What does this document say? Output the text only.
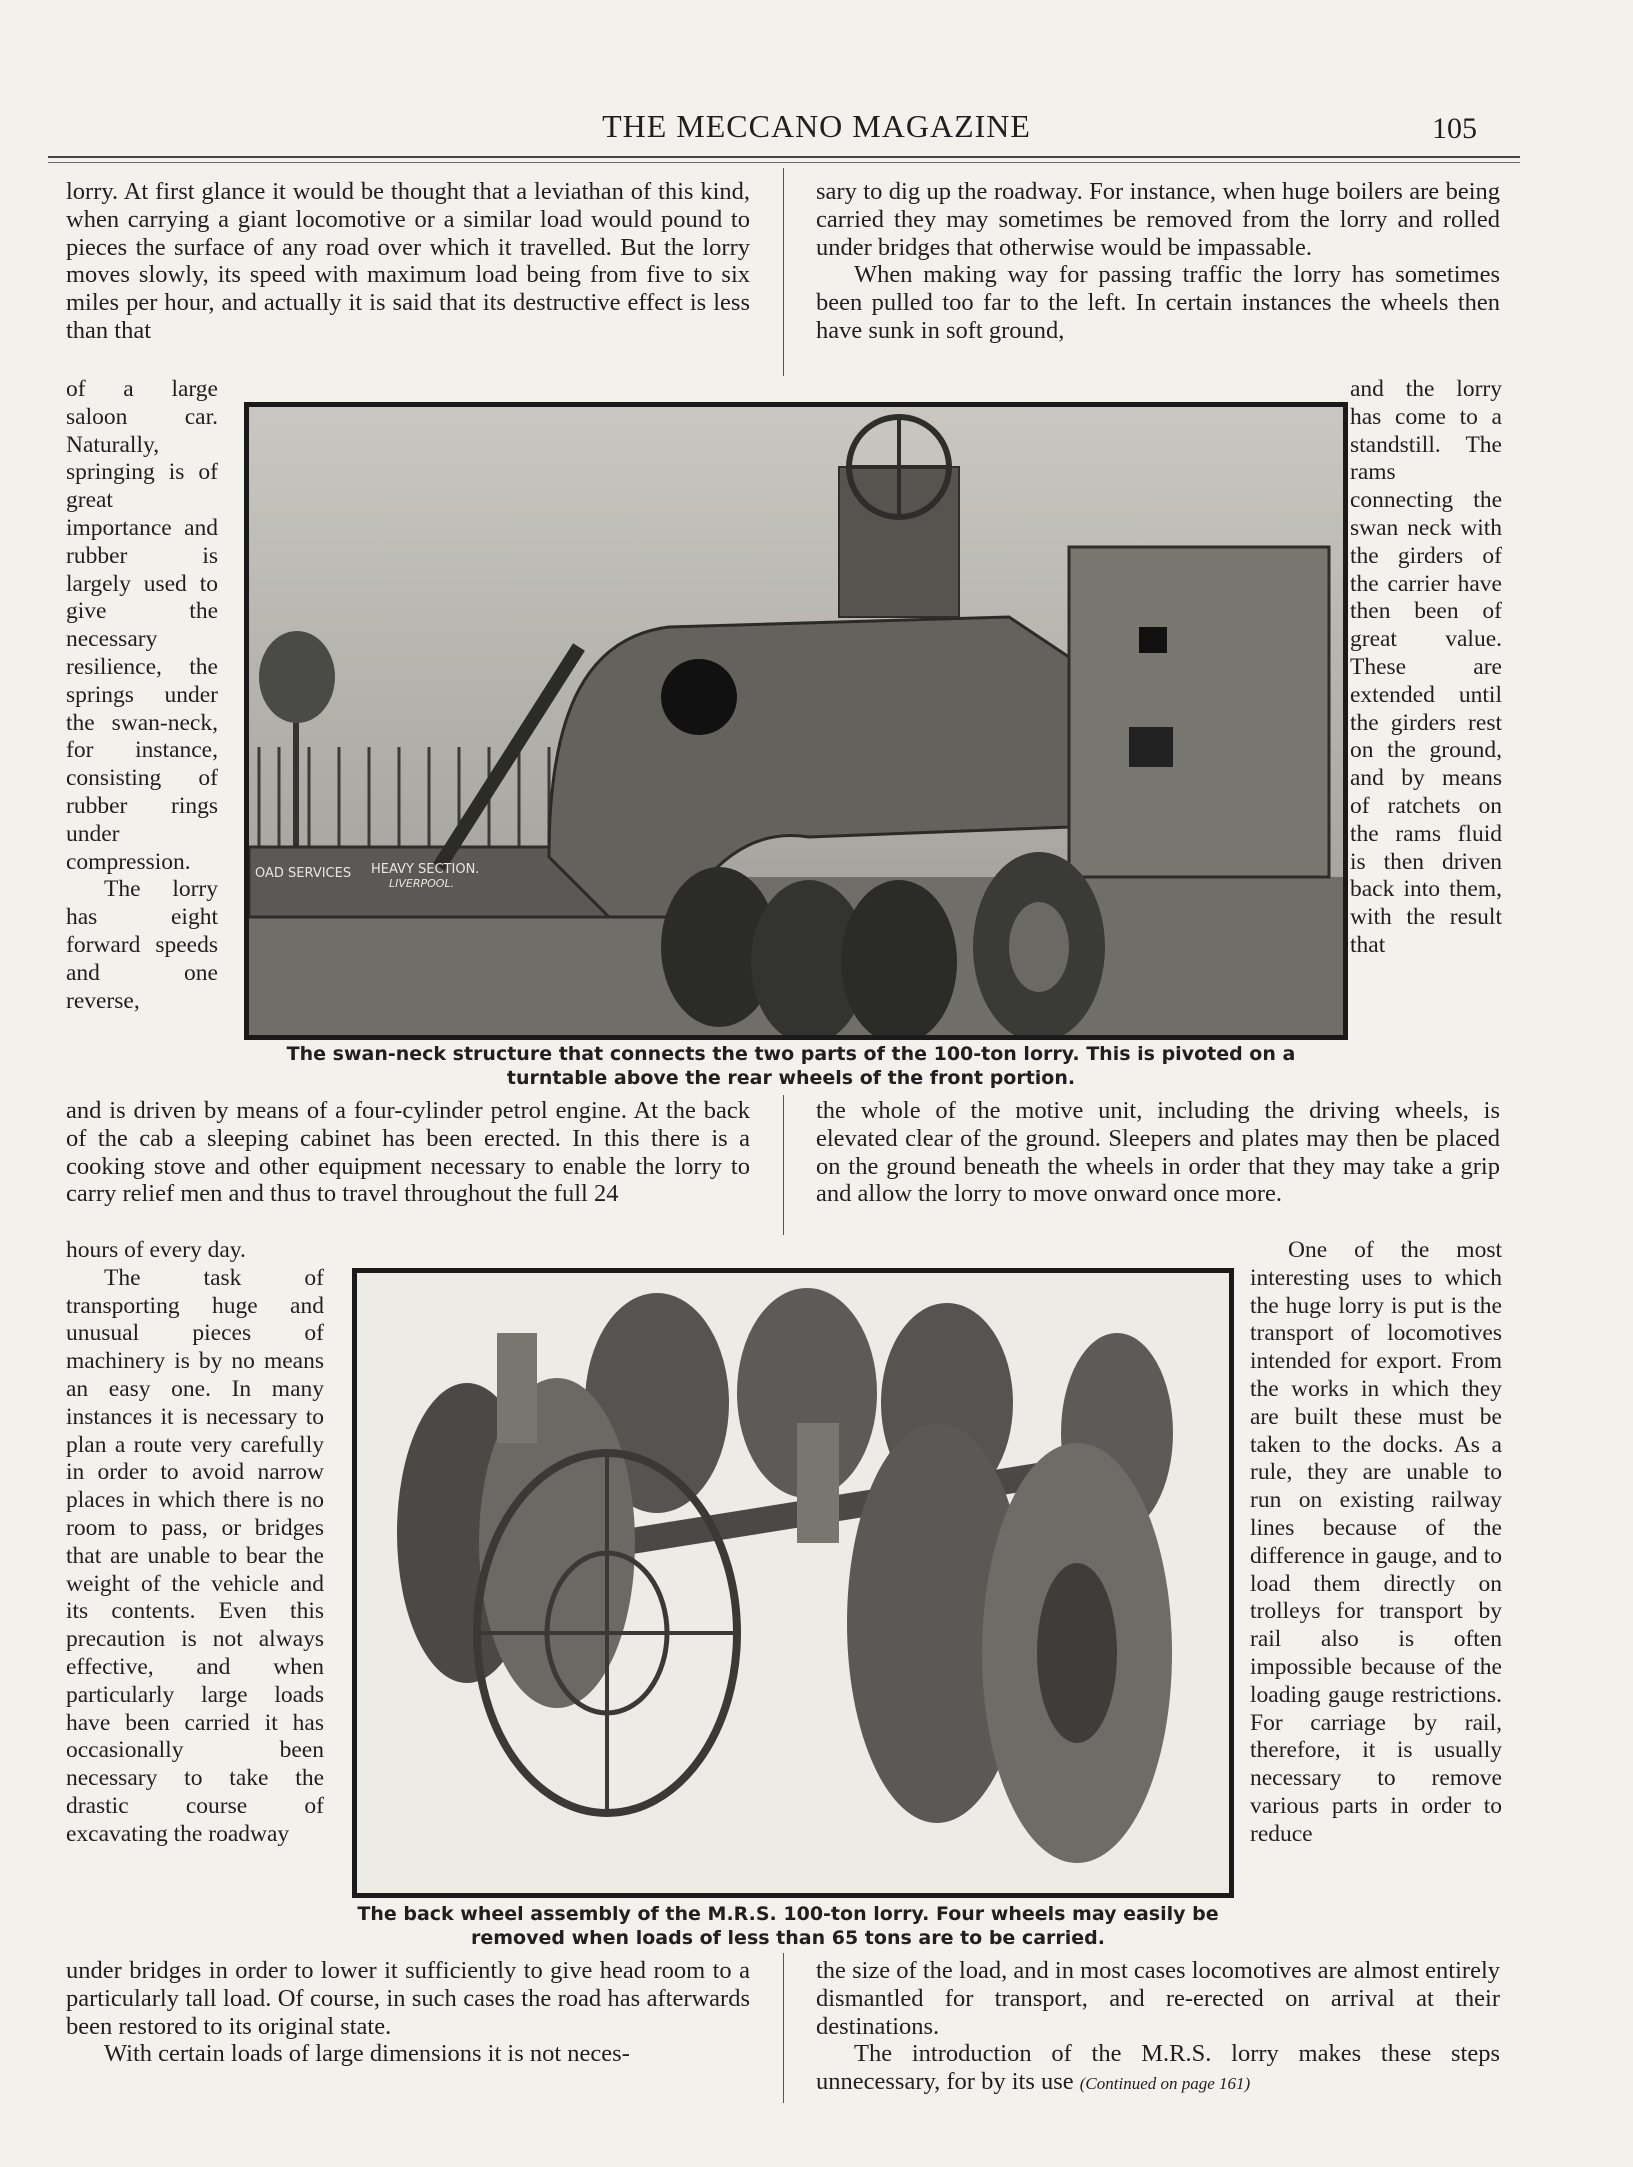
THE MECCANO MAGAZINE	105

lorry. At first glance it would be thought that a leviathan of this kind, when carrying a giant locomotive or a similar load would pound to pieces the surface of any road over which it travelled. But the lorry moves slowly, its speed with maximum load being from five to six miles per hour, and actually it is said that its destructive effect is less than that

sary to dig up the roadway. For instance, when huge boilers are being carried they may sometimes be removed from the lorry and rolled under bridges that otherwise would be impassable.

When making way for passing traffic the lorry has sometimes been pulled too far to the left. In certain instances the wheels then have sunk in soft ground,

of a large saloon car. Naturally, springing is of great importance and rubber is largely used to give the necessary resilience, the springs under the swan-neck, for instance, consisting of rubber rings under compression.

The lorry has eight forward speeds and one reverse,

and the lorry has come to a standstill. The rams connecting the swan neck with the girders of the carrier have then been of great value. These are extended until the girders rest on the ground, and by means of ratchets on the rams fluid is then driven back into them, with the result that

OAD SERVICES HEAVY SECTION.
LIVERPOOL.
The swan-neck structure that connects the two parts of the 100-ton lorry. This is pivoted on a turntable above the rear wheels of the front portion.

and is driven by means of a four-cylinder petrol engine. At the back of the cab a sleeping cabinet has been erected. In this there is a cooking stove and other equipment necessary to enable the lorry to carry relief men and thus to travel throughout the full 24

the whole of the motive unit, including the driving wheels, is elevated clear of the ground. Sleepers and plates may then be placed on the ground beneath the wheels in order that they may take a grip and allow the lorry to move onward once more.

hours of every day.

The task of transporting huge and unusual pieces of machinery is by no means an easy one. In many instances it is necessary to plan a route very carefully in order to avoid narrow places in which there is no room to pass, or bridges that are unable to bear the weight of the vehicle and its contents. Even this precaution is not always effective, and when particularly large loads have been carried it has occasionally been necessary to take the drastic course of excavating the roadway

One of the most interesting uses to which the huge lorry is put is the transport of locomotives intended for export. From the works in which they are built these must be taken to the docks. As a rule, they are unable to run on existing railway lines because of the difference in gauge, and to load them directly on trolleys for transport by rail also is often impossible because of the loading gauge restrictions. For carriage by rail, therefore, it is usually necessary to remove various parts in order to reduce

The back wheel assembly of the M.R.S. 100-ton lorry. Four wheels may easily be removed when loads of less than 65 tons are to be carried.

under bridges in order to lower it sufficiently to give head room to a particularly tall load. Of course, in such cases the road has afterwards been restored to its original state.

With certain loads of large dimensions it is not neces-

the size of the load, and in most cases locomotives are almost entirely dismantled for transport, and re-erected on arrival at their destinations.

The introduction of the M.R.S. lorry makes these steps unnecessary, for by its use (Continued on page 161)
